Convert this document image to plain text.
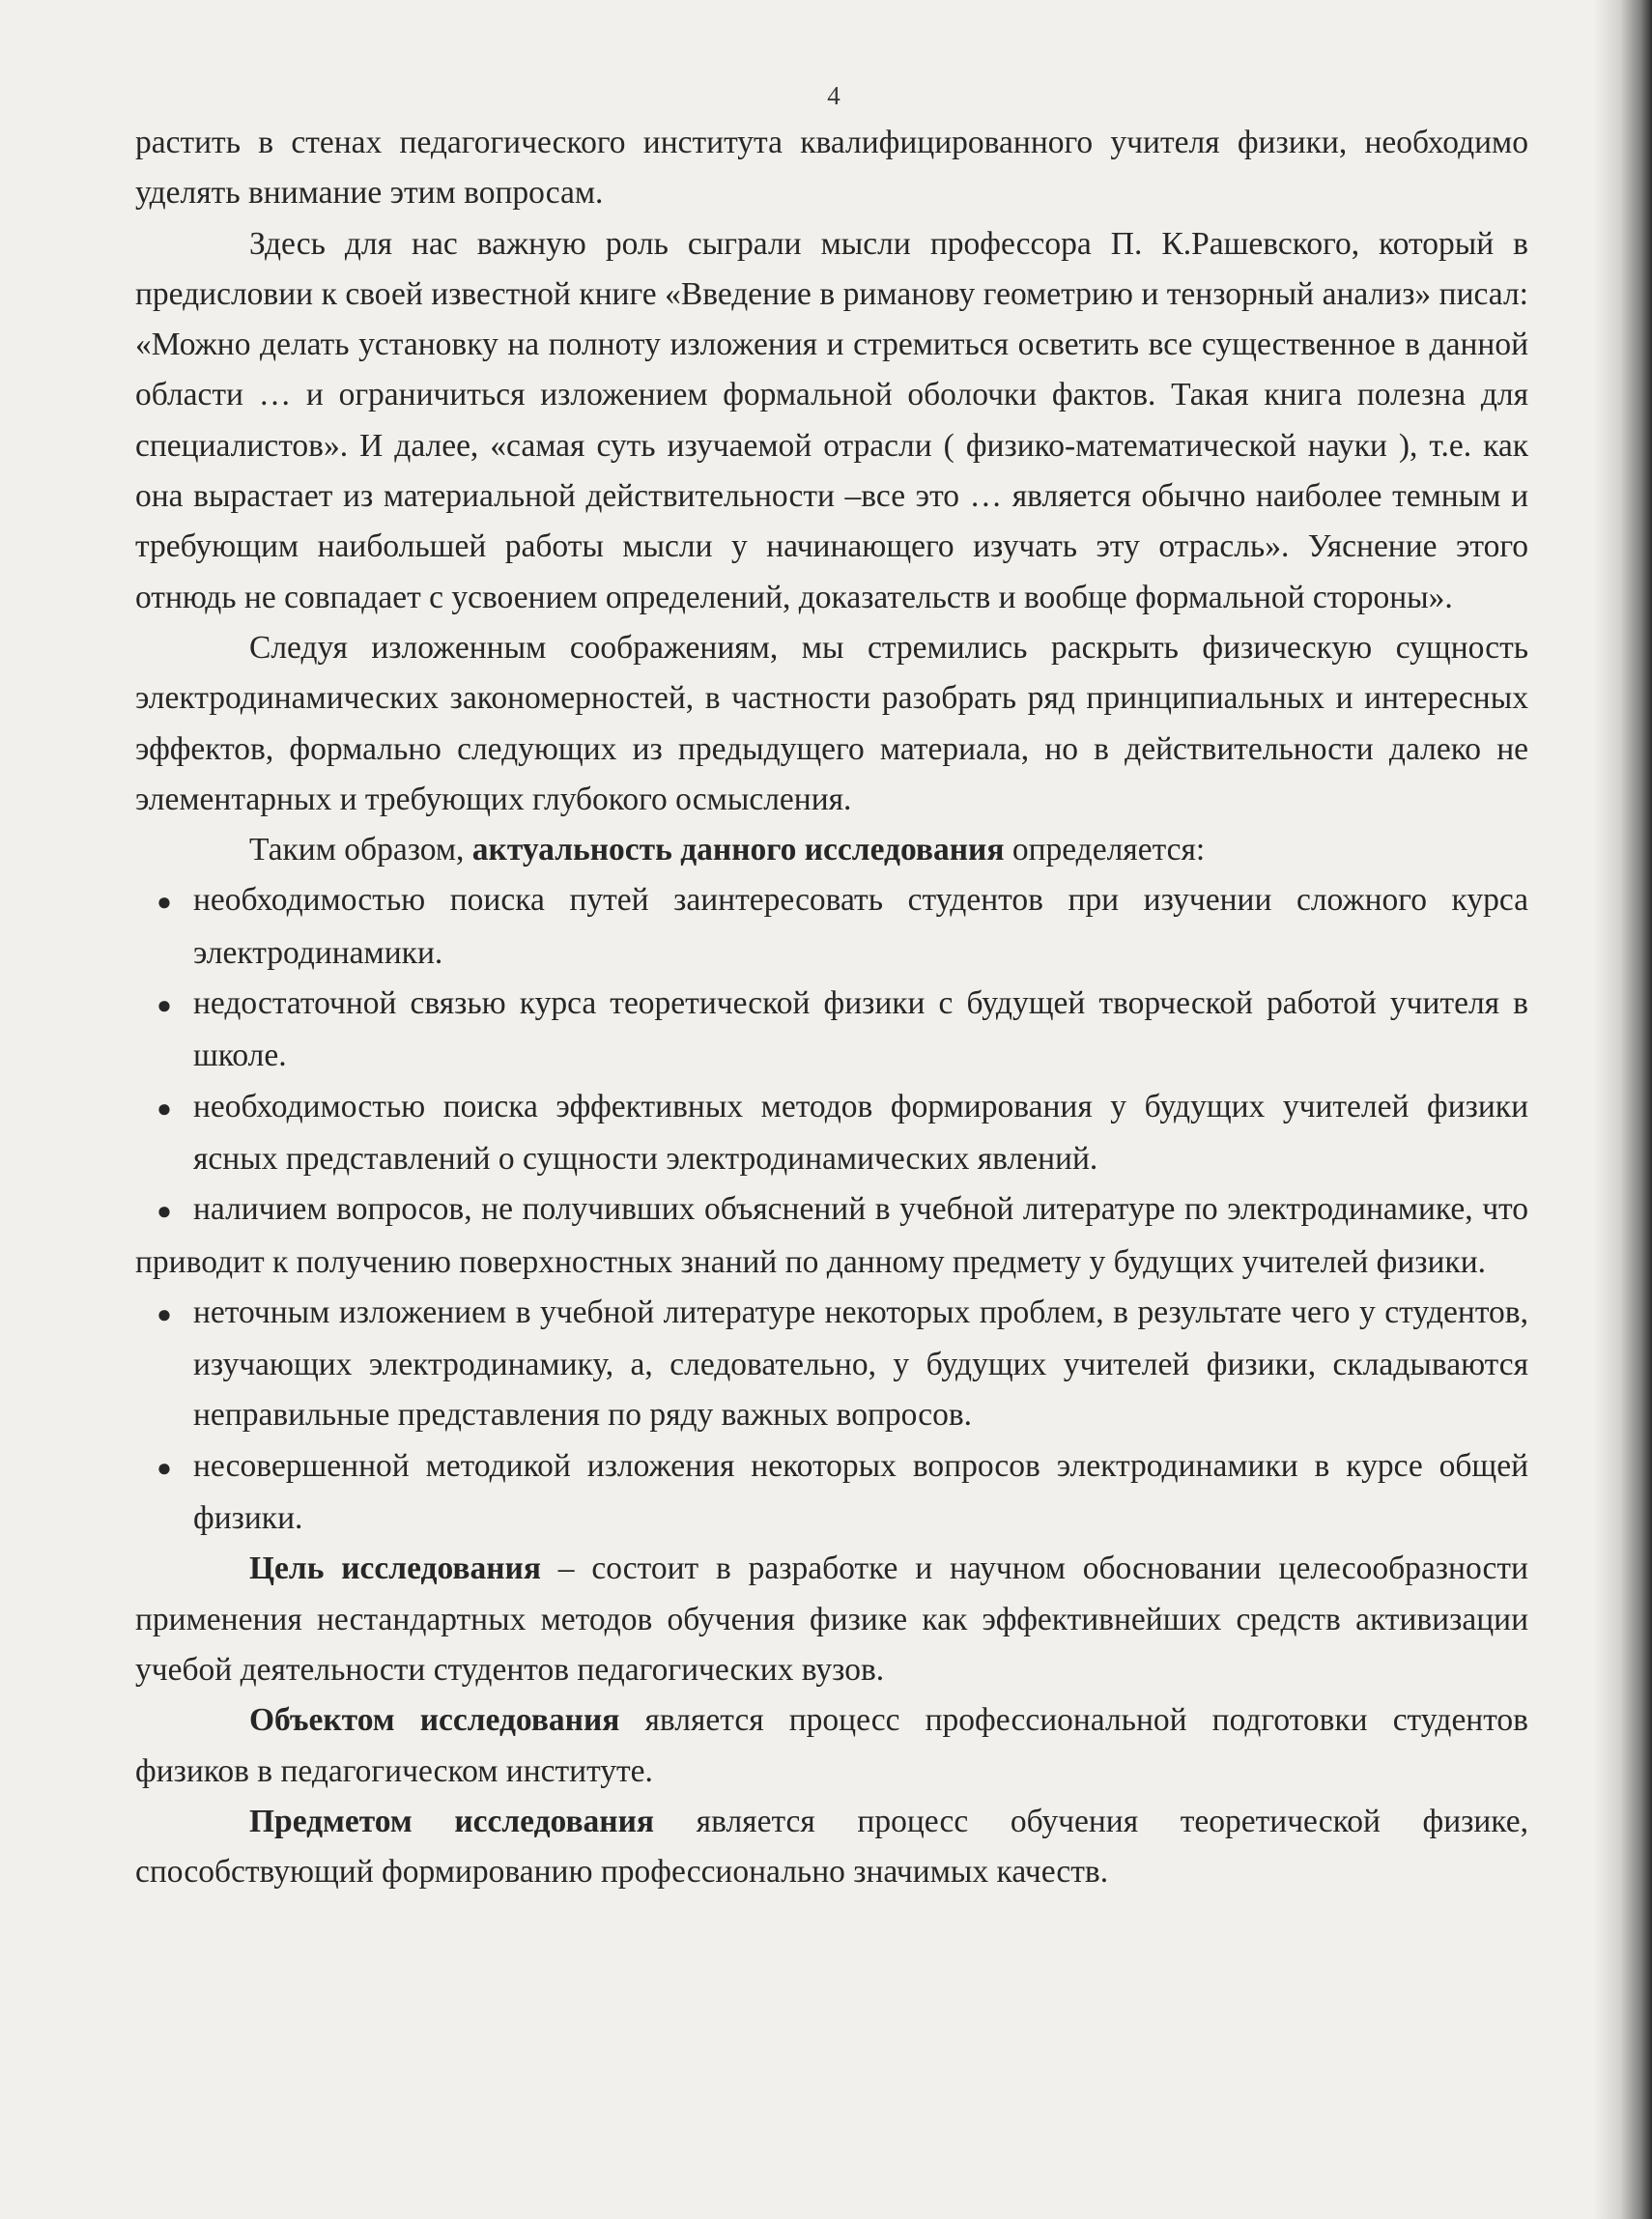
4

растить в стенах педагогического института квалифицированного учителя физики, необходимо уделять внимание этим вопросам.

Здесь для нас важную роль сыграли мысли профессора П. К.Рашевского, который в предисловии к своей известной книге «Введение в риманову геометрию и тензорный анализ» писал: «Можно делать установку на полноту изложения и стремиться осветить все существенное в данной области … и ограничиться изложением формальной оболочки фактов. Такая книга полезна для специалистов». И далее, «самая суть изучаемой отрасли ( физико-математической науки ), т.е. как она вырастает из материальной действительности –все это … является обычно наиболее темным и требующим наибольшей работы мысли у начинающего изучать эту отрасль». Уяснение этого отнюдь не совпадает с усвоением определений, доказательств и вообще формальной стороны».

Следуя изложенным соображениям, мы стремились раскрыть физическую сущность электродинамических закономерностей, в частности разобрать ряд принципиальных и интересных эффектов, формально следующих из предыдущего материала, но в действительности далеко не элементарных и требующих глубокого осмысления.

Таким образом, актуальность данного исследования определяется:

● необходимостью поиска путей заинтересовать студентов при изучении сложного курса электродинамики.

● недостаточной связью курса теоретической физики с будущей творческой работой учителя в школе.

● необходимостью поиска эффективных методов формирования у будущих учителей физики ясных представлений о сущности электродинамических явлений.

● наличием вопросов, не получивших объяснений в учебной литературе по электродинамике, что приводит к получению поверхностных знаний по данному предмету у будущих учителей физики.

● неточным изложением в учебной литературе некоторых проблем, в результате чего у студентов, изучающих электродинамику, а, следовательно, у будущих учителей физики, складываются неправильные представления по ряду важных вопросов.

● несовершенной методикой изложения некоторых вопросов электродинамики в курсе общей физики.

Цель исследования – состоит в разработке и научном обосновании целесообразности применения нестандартных методов обучения физике как эффективнейших средств активизации учебой деятельности студентов педагогических вузов.

Объектом исследования является процесс профессиональной подготовки студентов физиков в педагогическом институте.

Предметом исследования является процесс обучения теоретической физике, способствующий формированию профессионально значимых качеств.
